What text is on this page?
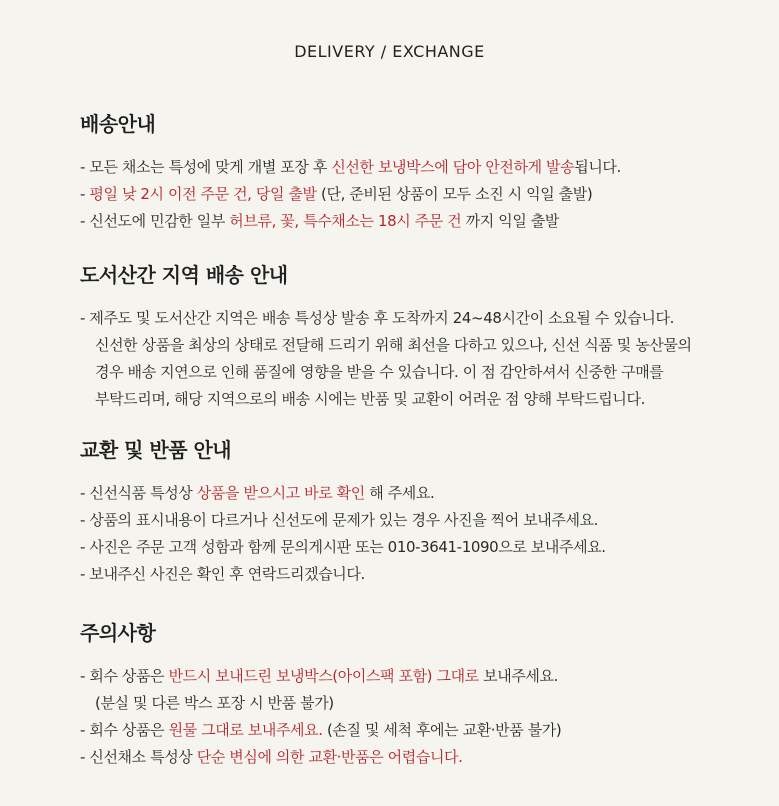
DELIVERY / EXCHANGE
배송안내
- 모든 채소는 특성에 맞게 개별 포장 후 신선한 보냉박스에 담아 안전하게 발송됩니다.
- 평일 낮 2시 이전 주문 건, 당일 출발 (단, 준비된 상품이 모두 소진 시 익일 출발)
- 신선도에 민감한 일부 허브류, 꽃, 특수채소는 18시 주문 건 까지 익일 출발
도서산간 지역 배송 안내
- 제주도 및 도서산간 지역은 배송 특성상 발송 후 도착까지 24~48시간이 소요될 수 있습니다.
신선한 상품을 최상의 상태로 전달해 드리기 위해 최선을 다하고 있으나, 신선 식품 및 농산물의
경우 배송 지연으로 인해 품질에 영향을 받을 수 있습니다. 이 점 감안하셔서 신중한 구매를
부탁드리며, 해당 지역으로의 배송 시에는 반품 및 교환이 어려운 점 양해 부탁드립니다.
교환 및 반품 안내
- 신선식품 특성상 상품을 받으시고 바로 확인 해 주세요.
- 상품의 표시내용이 다르거나 신선도에 문제가 있는 경우 사진을 찍어 보내주세요.
- 사진은 주문 고객 성함과 함께 문의게시판 또는 010-3641-1090으로 보내주세요.
- 보내주신 사진은 확인 후 연락드리겠습니다.
주의사항
- 회수 상품은 반드시 보내드린 보냉박스(아이스팩 포함) 그대로 보내주세요.
(분실 및 다른 박스 포장 시 반품 불가)
- 회수 상품은 원물 그대로 보내주세요. (손질 및 세척 후에는 교환·반품 불가)
- 신선채소 특성상 단순 변심에 의한 교환·반품은 어렵습니다.
